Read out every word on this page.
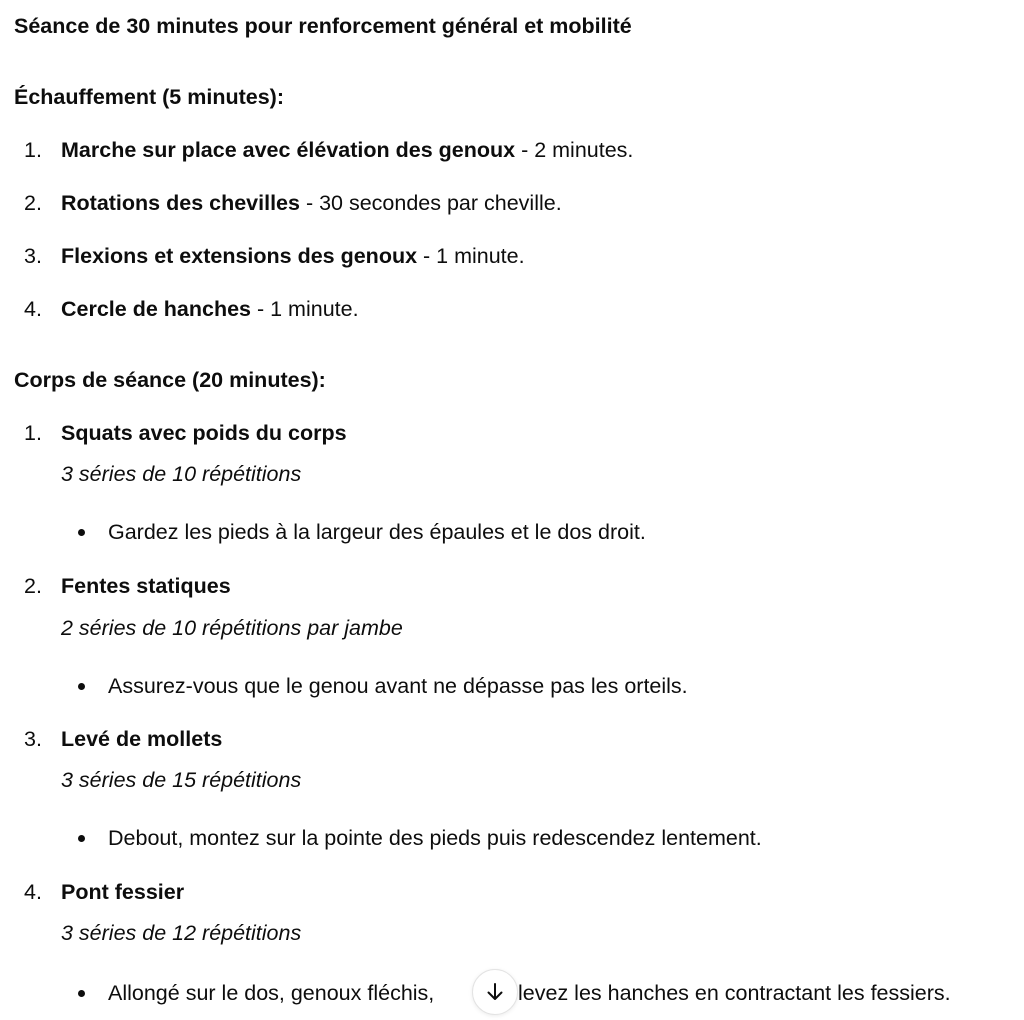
Séance de 30 minutes pour renforcement général et mobilité
Échauffement (5 minutes):
1. Marche sur place avec élévation des genoux - 2 minutes.
2. Rotations des chevilles - 30 secondes par cheville.
3. Flexions et extensions des genoux - 1 minute.
4. Cercle de hanches - 1 minute.
Corps de séance (20 minutes):
1. Squats avec poids du corps
3 séries de 10 répétitions
Gardez les pieds à la largeur des épaules et le dos droit.
2. Fentes statiques
2 séries de 10 répétitions par jambe
Assurez-vous que le genou avant ne dépasse pas les orteils.
3. Levé de mollets
3 séries de 15 répétitions
Debout, montez sur la pointe des pieds puis redescendez lentement.
4. Pont fessier
3 séries de 12 répétitions
Allongé sur le dos, genoux fléchis,	levez les hanches en contractant les fessiers.
